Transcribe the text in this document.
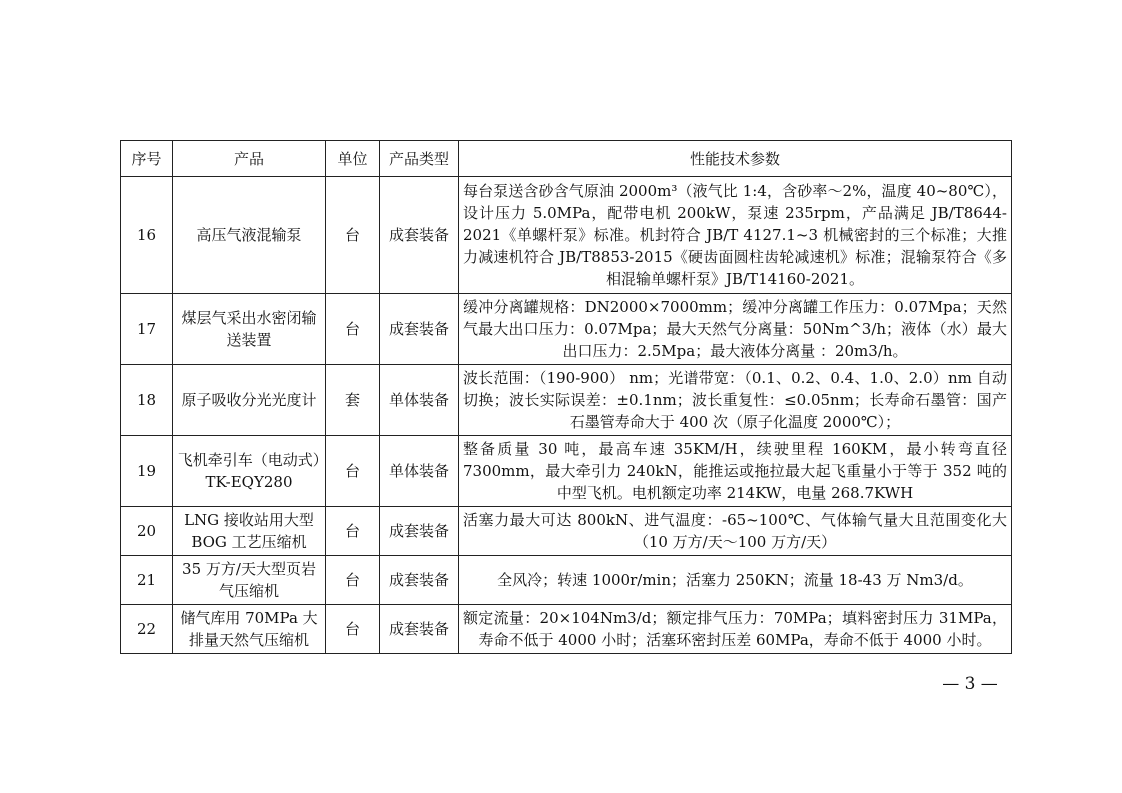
序号	产品	单位	产品类型	性能技术参数
16	高压气液混输泵	台	成套装备	每台泵送含砂含气原油 2000m³（液气比 1:4，含砂率～2%，温度 40~80℃），设计压力 5.0MPa，配带电机 200kW，泵速 235rpm，产品满足 JB/T8644-2021《单螺杆泵》标准。机封符合 JB/T 4127.1~3 机械密封的三个标准；大推力减速机符合 JB/T8853-2015《硬齿面圆柱齿轮减速机》标准；混输泵符合《多相混输单螺杆泵》JB/T14160-2021。
17	煤层气采出水密闭输送装置	台	成套装备	缓冲分离罐规格：DN2000×7000mm；缓冲分离罐工作压力：0.07Mpa；天然气最大出口压力：0.07Mpa；最大天然气分离量：50Nm^3/h；液体（水）最大出口压力：2.5Mpa；最大液体分离量 ：20m3/h。
18	原子吸收分光光度计	套	单体装备	波长范围：（190-900） nm；光谱带宽：（0.1、0.2、0.4、1.0、2.0）nm 自动切换；波长实际误差：±0.1nm；波长重复性：≤0.05nm；长寿命石墨管：国产石墨管寿命大于 400 次（原子化温度 2000℃）；
19	飞机牵引车（电动式）TK-EQY280	台	单体装备	整备质量 30 吨，最高车速 35KM/H，续驶里程 160KM，最小转弯直径 7300mm，最大牵引力 240kN，能推运或拖拉最大起飞重量小于等于 352 吨的中型飞机。电机额定功率 214KW，电量 268.7KWH
20	LNG 接收站用大型 BOG 工艺压缩机	台	成套装备	活塞力最大可达 800kN、进气温度：-65~100℃、气体输气量大且范围变化大（10 万方/天～100 万方/天）
21	35 万方/天大型页岩气压缩机	台	成套装备	全风冷；转速 1000r/min；活塞力 250KN；流量 18-43 万 Nm3/d。
22	储气库用 70MPa 大排量天然气压缩机	台	成套装备	额定流量：20×104Nm3/d；额定排气压力：70MPa；填料密封压力 31MPa，寿命不低于 4000 小时；活塞环密封压差 60MPa，寿命不低于 4000 小时。
— 3 —
